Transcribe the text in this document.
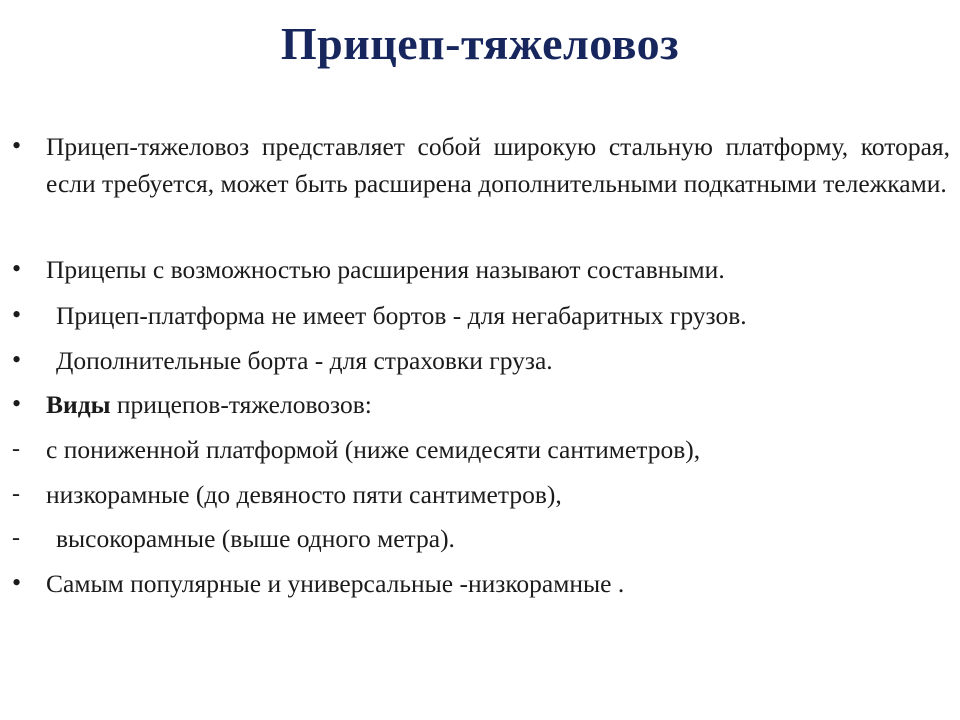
Прицеп-тяжеловоз
• Прицеп-тяжеловоз представляет собой широкую стальную платформу, которая, если требуется, может быть расширена дополнительными подкатными тележками.
• Прицепы с возможностью расширения называют составными.
•	Прицеп-платформа не имеет бортов - для негабаритных грузов.
•	Дополнительные борта - для страховки груза.
• Виды прицепов-тяжеловозов:
-	с пониженной платформой (ниже семидесяти сантиметров),
-	низкорамные (до девяносто пяти сантиметров),
-	высокорамные (выше одного метра).
• Самым популярные и универсальные -низкорамные .
